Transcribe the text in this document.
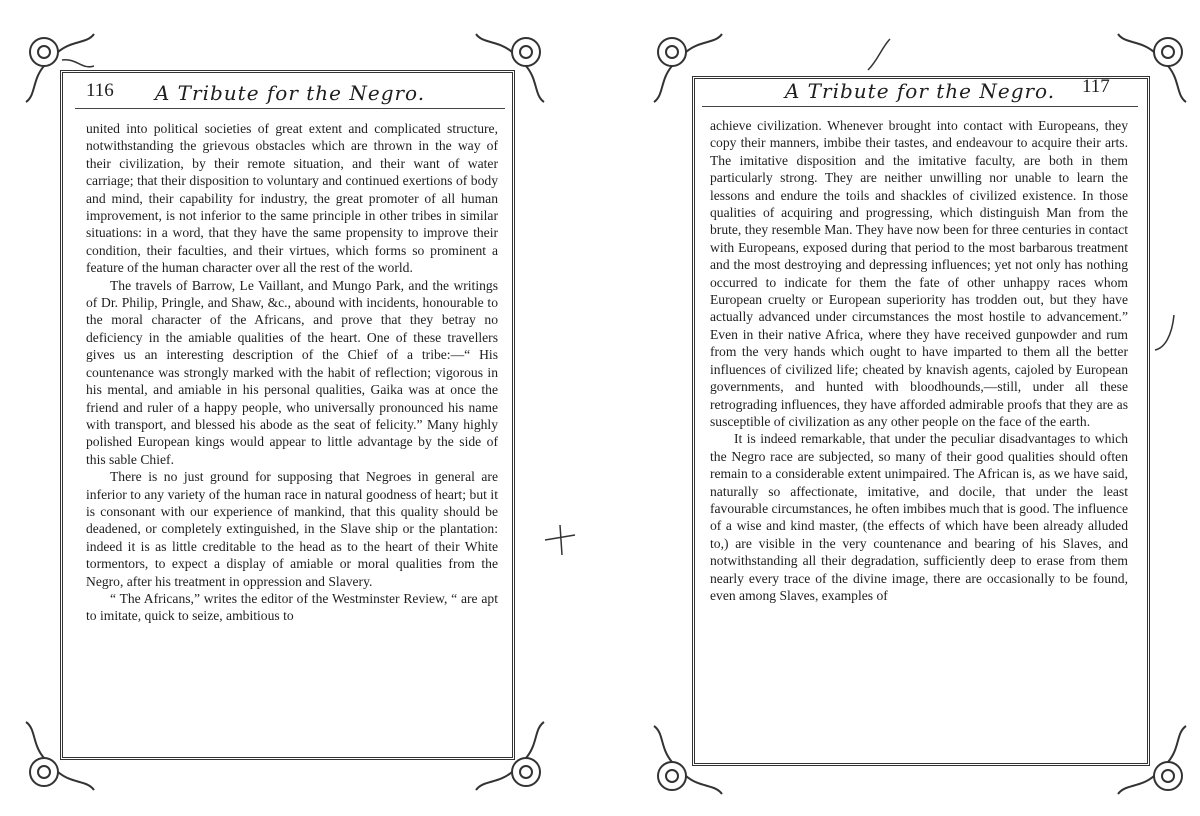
116	A Tribute for the Negro.

united into political societies of great extent and complicated structure, notwithstanding the grievous obstacles which are thrown in the way of their civilization, by their remote situation, and their want of water carriage; that their disposition to voluntary and continued exertions of body and mind, their capability for industry, the great promoter of all human improvement, is not inferior to the same principle in other tribes in similar situations: in a word, that they have the same propensity to improve their condition, their faculties, and their virtues, which forms so prominent a feature of the human character over all the rest of the world.

The travels of Barrow, Le Vaillant, and Mungo Park, and the writings of Dr. Philip, Pringle, and Shaw, &c., abound with incidents, honourable to the moral character of the Africans, and prove that they betray no deficiency in the amiable qualities of the heart. One of these travellers gives us an interesting description of the Chief of a tribe:—“ His countenance was strongly marked with the habit of reflection; vigorous in his mental, and amiable in his personal qualities, Gaika was at once the friend and ruler of a happy people, who universally pronounced his name with transport, and blessed his abode as the seat of felicity.” Many highly polished European kings would appear to little advantage by the side of this sable Chief.

There is no just ground for supposing that Negroes in general are inferior to any variety of the human race in natural goodness of heart; but it is consonant with our experience of mankind, that this quality should be deadened, or completely extinguished, in the Slave ship or the plantation: indeed it is as little creditable to the head as to the heart of their White tormentors, to expect a display of amiable or moral qualities from the Negro, after his treatment in oppression and Slavery.

“ The Africans,” writes the editor of the Westminster Review, “ are apt to imitate, quick to seize, ambitious to

A Tribute for the Negro.	117

achieve civilization. Whenever brought into contact with Europeans, they copy their manners, imbibe their tastes, and endeavour to acquire their arts. The imitative disposition and the imitative faculty, are both in them particularly strong. They are neither unwilling nor unable to learn the lessons and endure the toils and shackles of civilized existence. In those qualities of acquiring and progressing, which distinguish Man from the brute, they resemble Man. They have now been for three centuries in contact with Europeans, exposed during that period to the most barbarous treatment and the most destroying and depressing influences; yet not only has nothing occurred to indicate for them the fate of other unhappy races whom European cruelty or European superiority has trodden out, but they have actually advanced under circumstances the most hostile to advancement.” Even in their native Africa, where they have received gunpowder and rum from the very hands which ought to have imparted to them all the better influences of civilized life; cheated by knavish agents, cajoled by European governments, and hunted with bloodhounds,—still, under all these retrograding influences, they have afforded admirable proofs that they are as susceptible of civilization as any other people on the face of the earth.

It is indeed remarkable, that under the peculiar disadvantages to which the Negro race are subjected, so many of their good qualities should often remain to a considerable extent unimpaired. The African is, as we have said, naturally so affectionate, imitative, and docile, that under the least favourable circumstances, he often imbibes much that is good. The influence of a wise and kind master, (the effects of which have been already alluded to,) are visible in the very countenance and bearing of his Slaves, and notwithstanding all their degradation, sufficiently deep to erase from them nearly every trace of the divine image, there are occasionally to be found, even among Slaves, examples of
